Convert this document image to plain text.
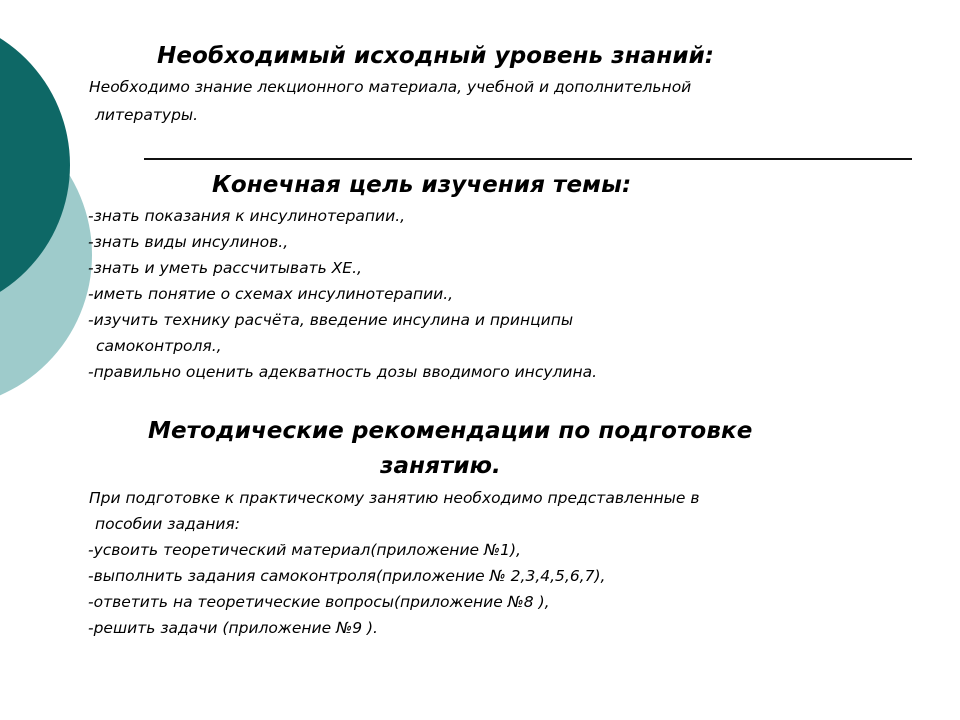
Необходимый исходный уровень знаний:
Необходимо знание лекционного материала, учебной и дополнительной
литературы.
Конечная цель изучения темы:
-знать показания к инсулинотерапии.,
-знать виды инсулинов.,
-знать и уметь рассчитывать ХЕ.,
-иметь понятие о схемах инсулинотерапии.,
-изучить технику расчёта, введение инсулина и принципы
самоконтроля.,
-правильно оценить адекватность дозы вводимого инсулина.
Методические рекомендации по подготовке
занятию.
При подготовке к практическому занятию необходимо представленные в
пособии задания:
-усвоить теоретический материал(приложение №1),
-выполнить задания самоконтроля(приложение № 2,3,4,5,6,7),
-ответить на теоретические вопросы(приложение №8 ),
-решить задачи (приложение №9 ).
